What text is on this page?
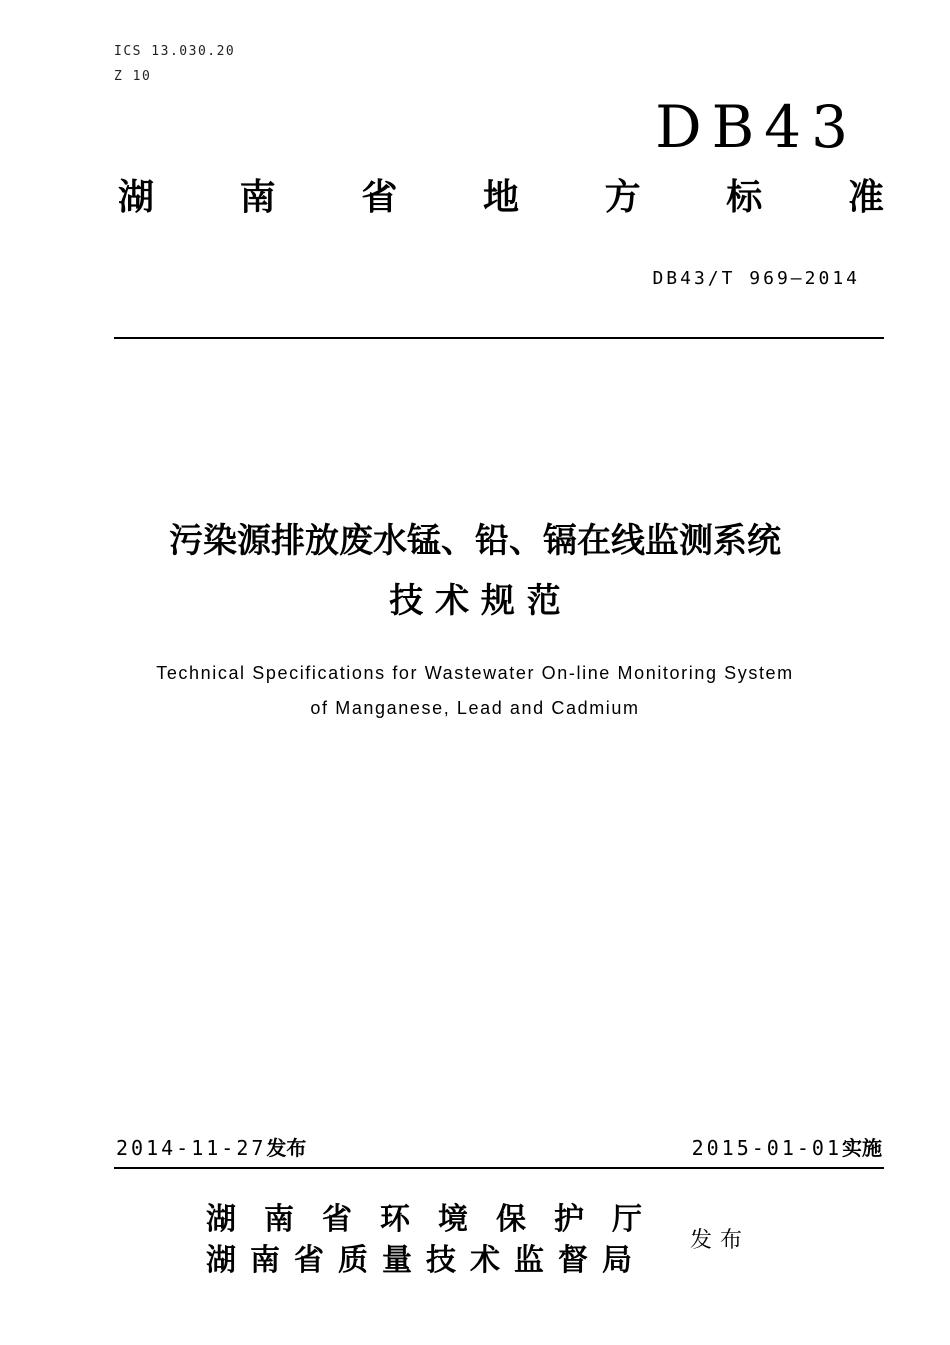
ICS 13.030.20
Z 10
DB43
湖 南 省 地 方 标 准
DB43/T 969—2014
污染源排放废水锰、铅、镉在线监测系统
技 术 规 范
Technical Specifications for Wastewater On-line Monitoring System
of Manganese, Lead and Cadmium
2014-11-27发布	2015-01-01实施
湖南省环境保护厅
湖南省质量技术监督局
发布
